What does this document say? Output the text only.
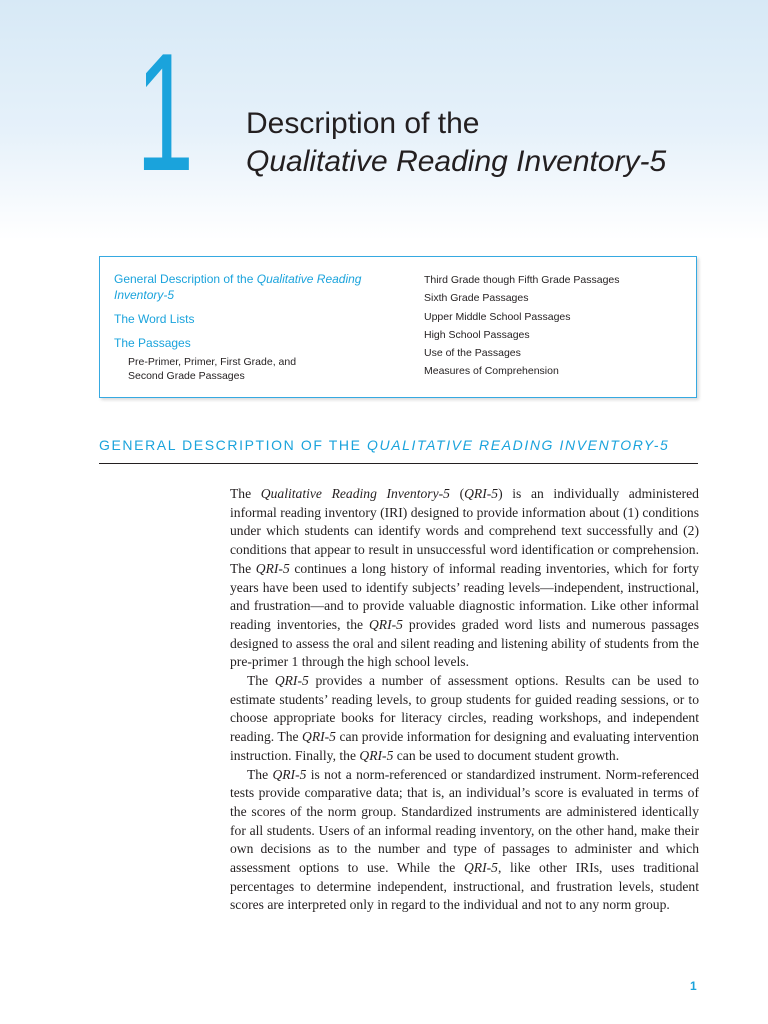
1 Description of the
Qualitative Reading Inventory-5
General Description of the Qualitative Reading Inventory-5
The Word Lists
The Passages
Pre-Primer, Primer, First Grade, and Second Grade Passages
Third Grade though Fifth Grade Passages
Sixth Grade Passages
Upper Middle School Passages
High School Passages
Use of the Passages
Measures of Comprehension
GENERAL DESCRIPTION OF THE QUALITATIVE READING INVENTORY-5

The Qualitative Reading Inventory-5 (QRI-5) is an individually administered informal reading inventory (IRI) designed to provide information about (1) conditions under which students can identify words and comprehend text successfully and (2) conditions that appear to result in unsuccessful word identification or comprehension. The QRI-5 continues a long history of informal reading inventories, which for forty years have been used to identify subjects’ reading levels—independent, instructional, and frustration—and to provide valuable diagnostic information. Like other informal reading inventories, the QRI-5 provides graded word lists and numerous passages designed to assess the oral and silent reading and listening ability of students from the pre-primer 1 through the high school levels.

The QRI-5 provides a number of assessment options. Results can be used to estimate students’ reading levels, to group students for guided reading sessions, or to choose appropriate books for literacy circles, reading workshops, and independent reading. The QRI-5 can provide information for designing and evaluating intervention instruction. Finally, the QRI-5 can be used to document student growth.

The QRI-5 is not a norm-referenced or standardized instrument. Norm-referenced tests provide comparative data; that is, an individual’s score is evaluated in terms of the scores of the norm group. Standardized instruments are administered identically for all students. Users of an informal reading inventory, on the other hand, make their own decisions as to the number and type of passages to administer and which assessment options to use. While the QRI-5, like other IRIs, uses traditional percentages to determine independent, instructional, and frustration levels, student scores are interpreted only in regard to the individual and not to any norm group.

1
